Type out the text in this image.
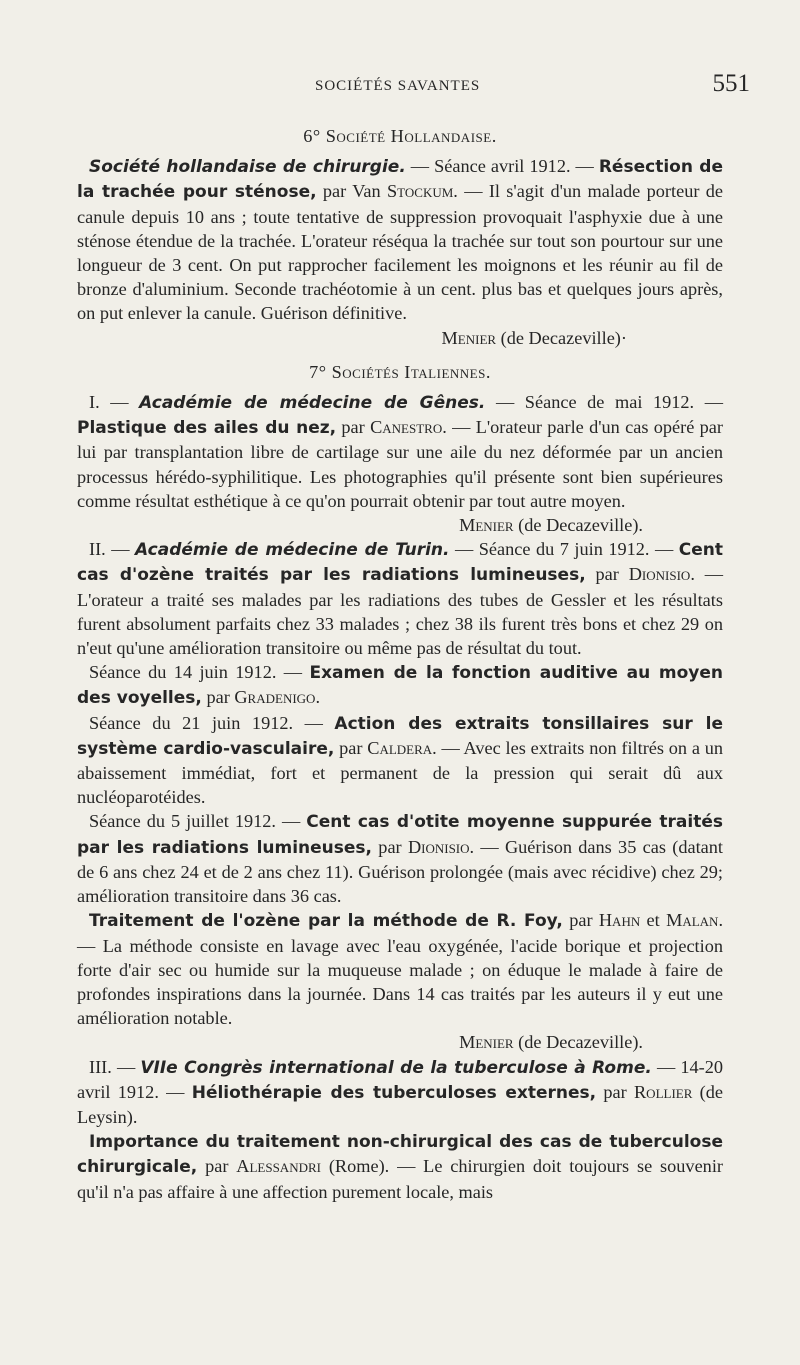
SOCIÉTÉS SAVANTES	551

6° Société Hollandaise.

Société hollandaise de chirurgie. — Séance avril 1912. — Résection de la trachée pour sténose, par Van Stockum. — Il s'agit d'un malade porteur de canule depuis 10 ans ; toute tentative de suppression provoquait l'asphyxie due à une sténose étendue de la trachée. L'orateur réséqua la trachée sur tout son pourtour sur une longueur de 3 cent. On put rapprocher facilement les moignons et les réunir au fil de bronze d'aluminium. Seconde trachéotomie à un cent. plus bas et quelques jours après, on put enlever la canule. Guérison définitive.

Menier (de Decazeville)·

7° Sociétés Italiennes.

I. — Académie de médecine de Gênes. — Séance de mai 1912. — Plastique des ailes du nez, par Canestro. — L'orateur parle d'un cas opéré par lui par transplantation libre de cartilage sur une aile du nez déformée par un ancien processus hérédo-syphilitique. Les photographies qu'il présente sont bien supérieures comme résultat esthétique à ce qu'on pourrait obtenir par tout autre moyen.

Menier (de Decazeville).

II. — Académie de médecine de Turin. — Séance du 7 juin 1912. — Cent cas d'ozène traités par les radiations lumineuses, par Dionisio. — L'orateur a traité ses malades par les radiations des tubes de Gessler et les résultats furent absolument parfaits chez 33 malades ; chez 38 ils furent très bons et chez 29 on n'eut qu'une amélioration transitoire ou même pas de résultat du tout.

Séance du 14 juin 1912. — Examen de la fonction auditive au moyen des voyelles, par Gradenigo.

Séance du 21 juin 1912. — Action des extraits tonsillaires sur le système cardio-vasculaire, par Caldera. — Avec les extraits non filtrés on a un abaissement immédiat, fort et permanent de la pression qui serait dû aux nucléoparotéides.

Séance du 5 juillet 1912. — Cent cas d'otite moyenne suppurée traités par les radiations lumineuses, par Dionisio. — Guérison dans 35 cas (datant de 6 ans chez 24 et de 2 ans chez 11). Guérison prolongée (mais avec récidive) chez 29; amélioration transitoire dans 36 cas.

Traitement de l'ozène par la méthode de R. Foy, par Hahn et Malan. — La méthode consiste en lavage avec l'eau oxygénée, l'acide borique et projection forte d'air sec ou humide sur la muqueuse malade ; on éduque le malade à faire de profondes inspirations dans la journée. Dans 14 cas traités par les auteurs il y eut une amélioration notable.

Menier (de Decazeville).

III. — VIIe Congrès international de la tuberculose à Rome. — 14-20 avril 1912. — Héliothérapie des tuberculoses externes, par Rollier (de Leysin).

Importance du traitement non-chirurgical des cas de tuberculose chirurgicale, par Alessandri (Rome). — Le chirurgien doit toujours se souvenir qu'il n'a pas affaire à une affection purement locale, mais
